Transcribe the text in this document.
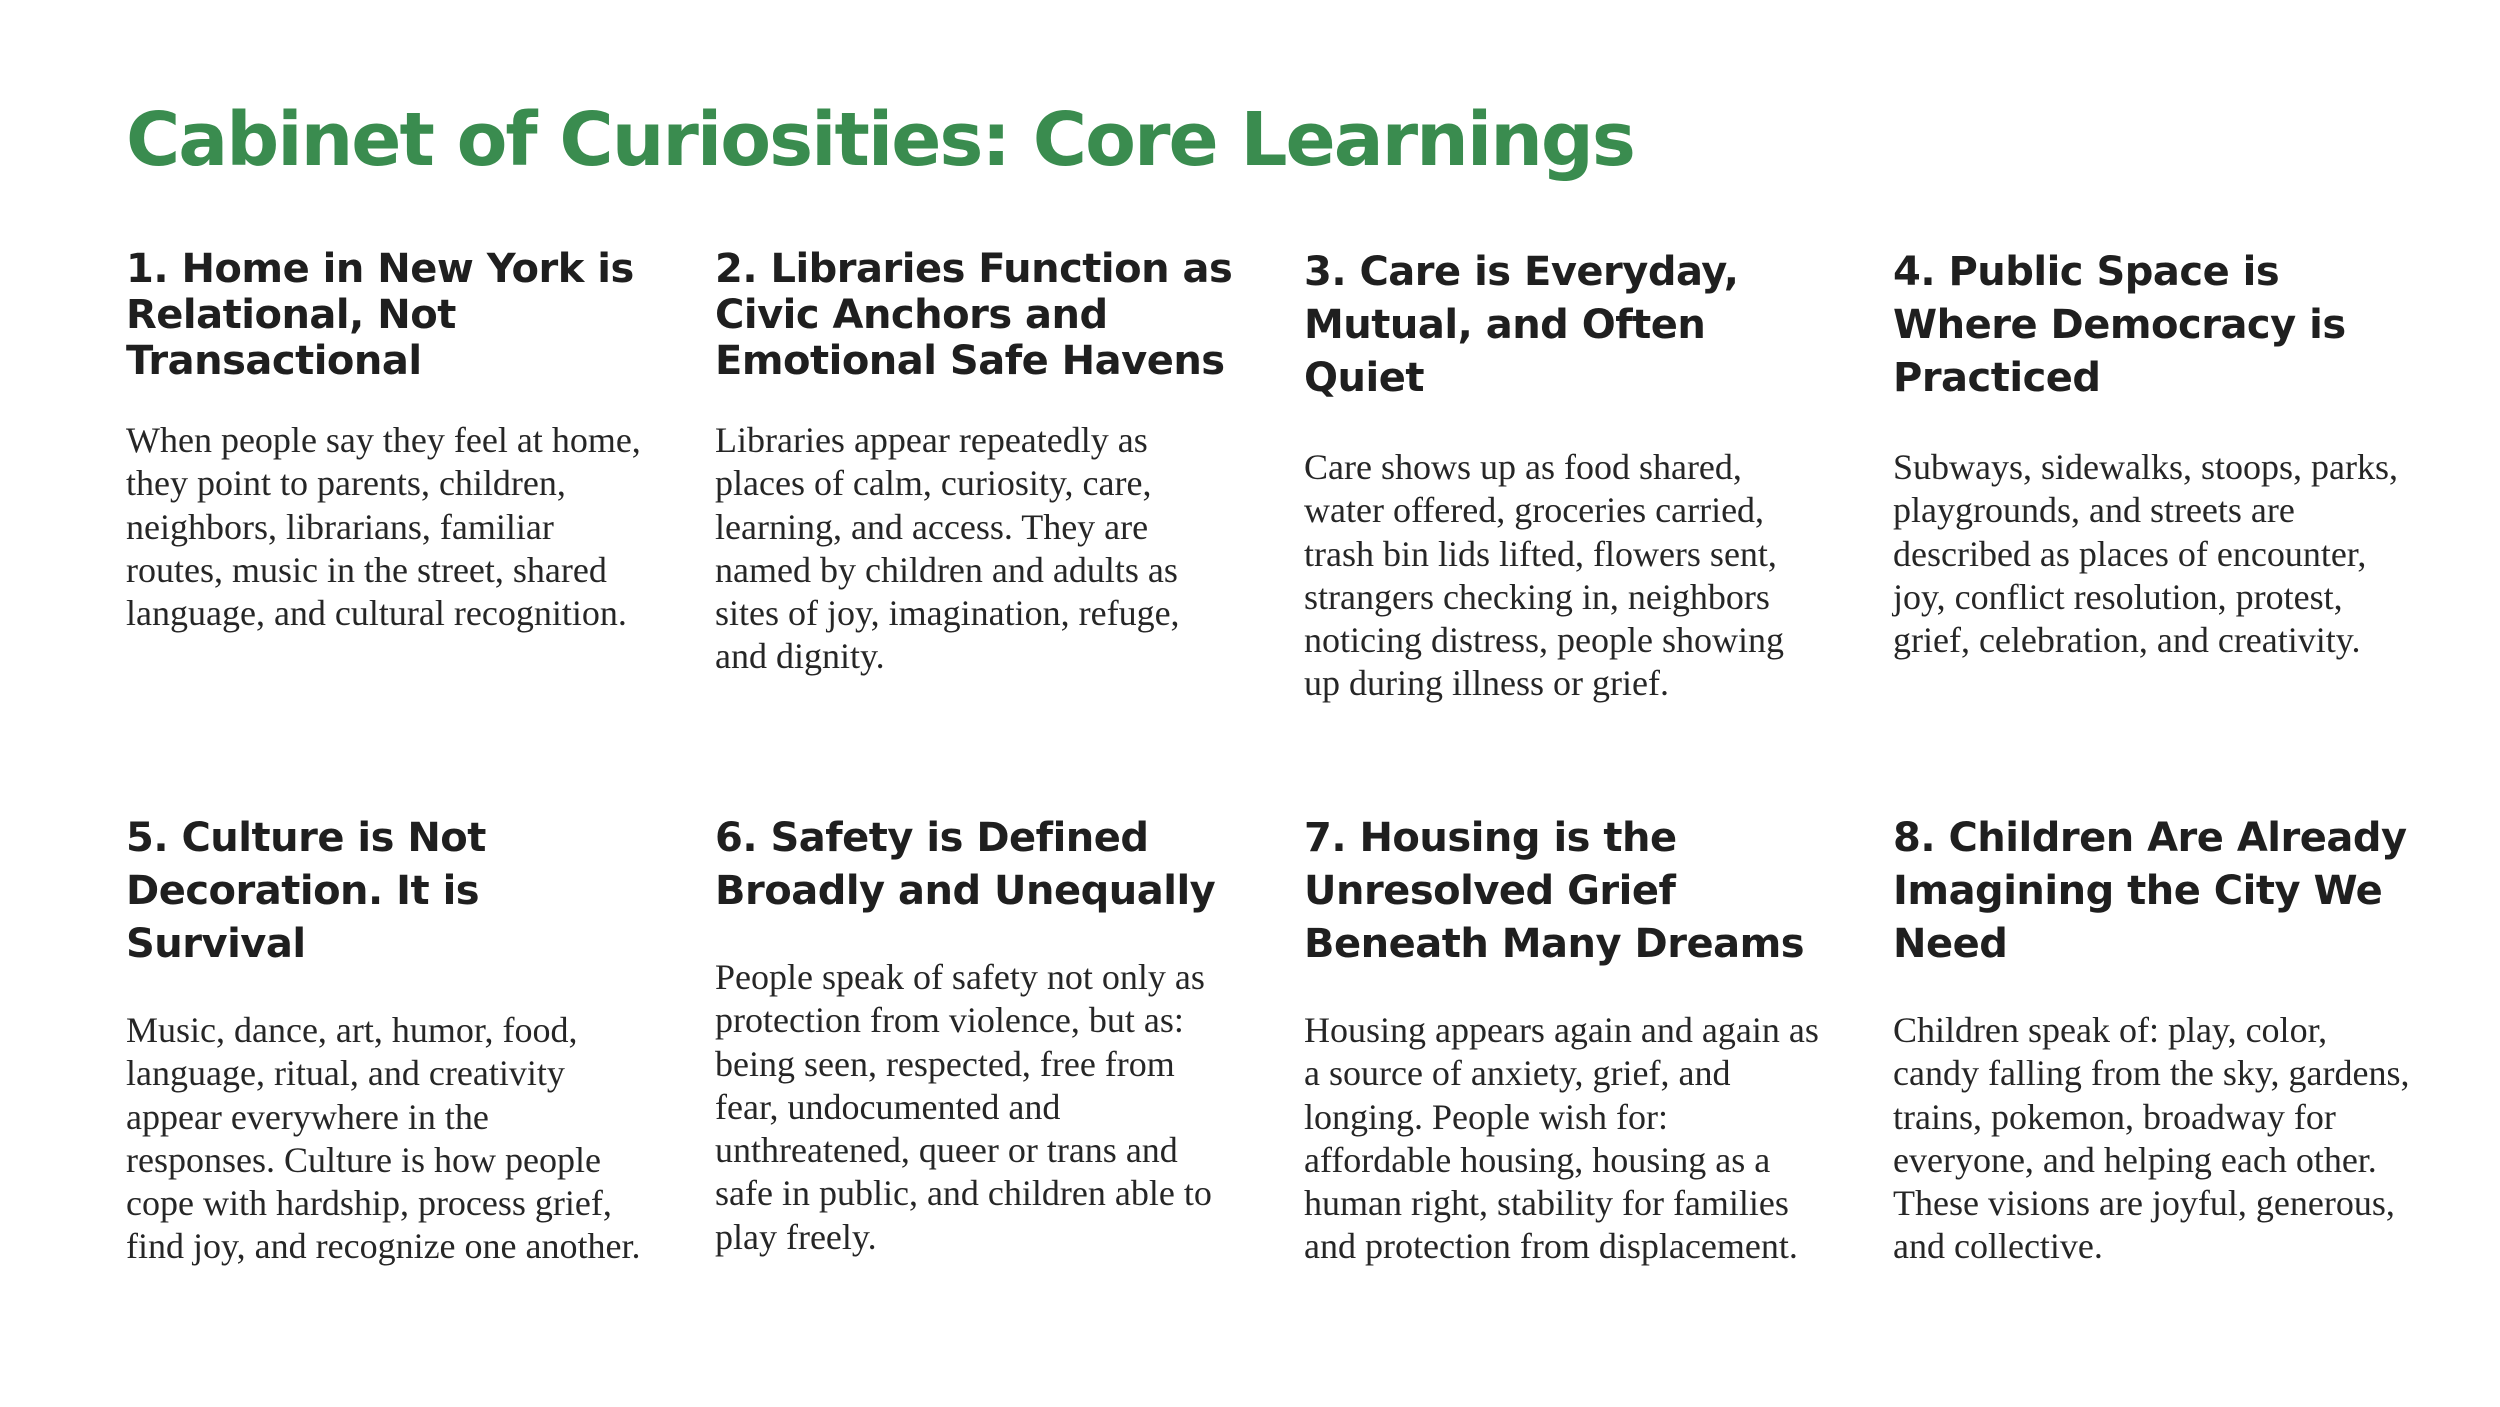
Cabinet of Curiosities: Core Learnings
1. Home in New York is Relational, Not Transactional

When people say they feel at home, they point to parents, children, neighbors, librarians, familiar routes, music in the street, shared language, and cultural recognition.

2. Libraries Function as Civic Anchors and Emotional Safe Havens

Libraries appear repeatedly as places of calm, curiosity, care, learning, and access. They are named by children and adults as sites of joy, imagination, refuge, and dignity.

3. Care is Everyday, Mutual, and Often Quiet

Care shows up as food shared, water offered, groceries carried, trash bin lids lifted, flowers sent, strangers checking in, neighbors noticing distress, people showing up during illness or grief.

4. Public Space is Where Democracy is Practiced

Subways, sidewalks, stoops, parks, playgrounds, and streets are described as places of encounter, joy, conflict resolution, protest, grief, celebration, and creativity.

5. Culture is Not Decoration. It is Survival

Music, dance, art, humor, food, language, ritual, and creativity appear everywhere in the responses. Culture is how people cope with hardship, process grief, find joy, and recognize one another.

6. Safety is Defined Broadly and Unequally

People speak of safety not only as protection from violence, but as: being seen, respected, free from fear, undocumented and unthreatened, queer or trans and safe in public, and children able to play freely.

7. Housing is the Unresolved Grief Beneath Many Dreams

Housing appears again and again as a source of anxiety, grief, and longing. People wish for: affordable housing, housing as a human right, stability for families and protection from displacement.

8. Children Are Already Imagining the City We Need

Children speak of: play, color, candy falling from the sky, gardens, trains, pokemon, broadway for everyone, and helping each other. These visions are joyful, generous, and collective.
